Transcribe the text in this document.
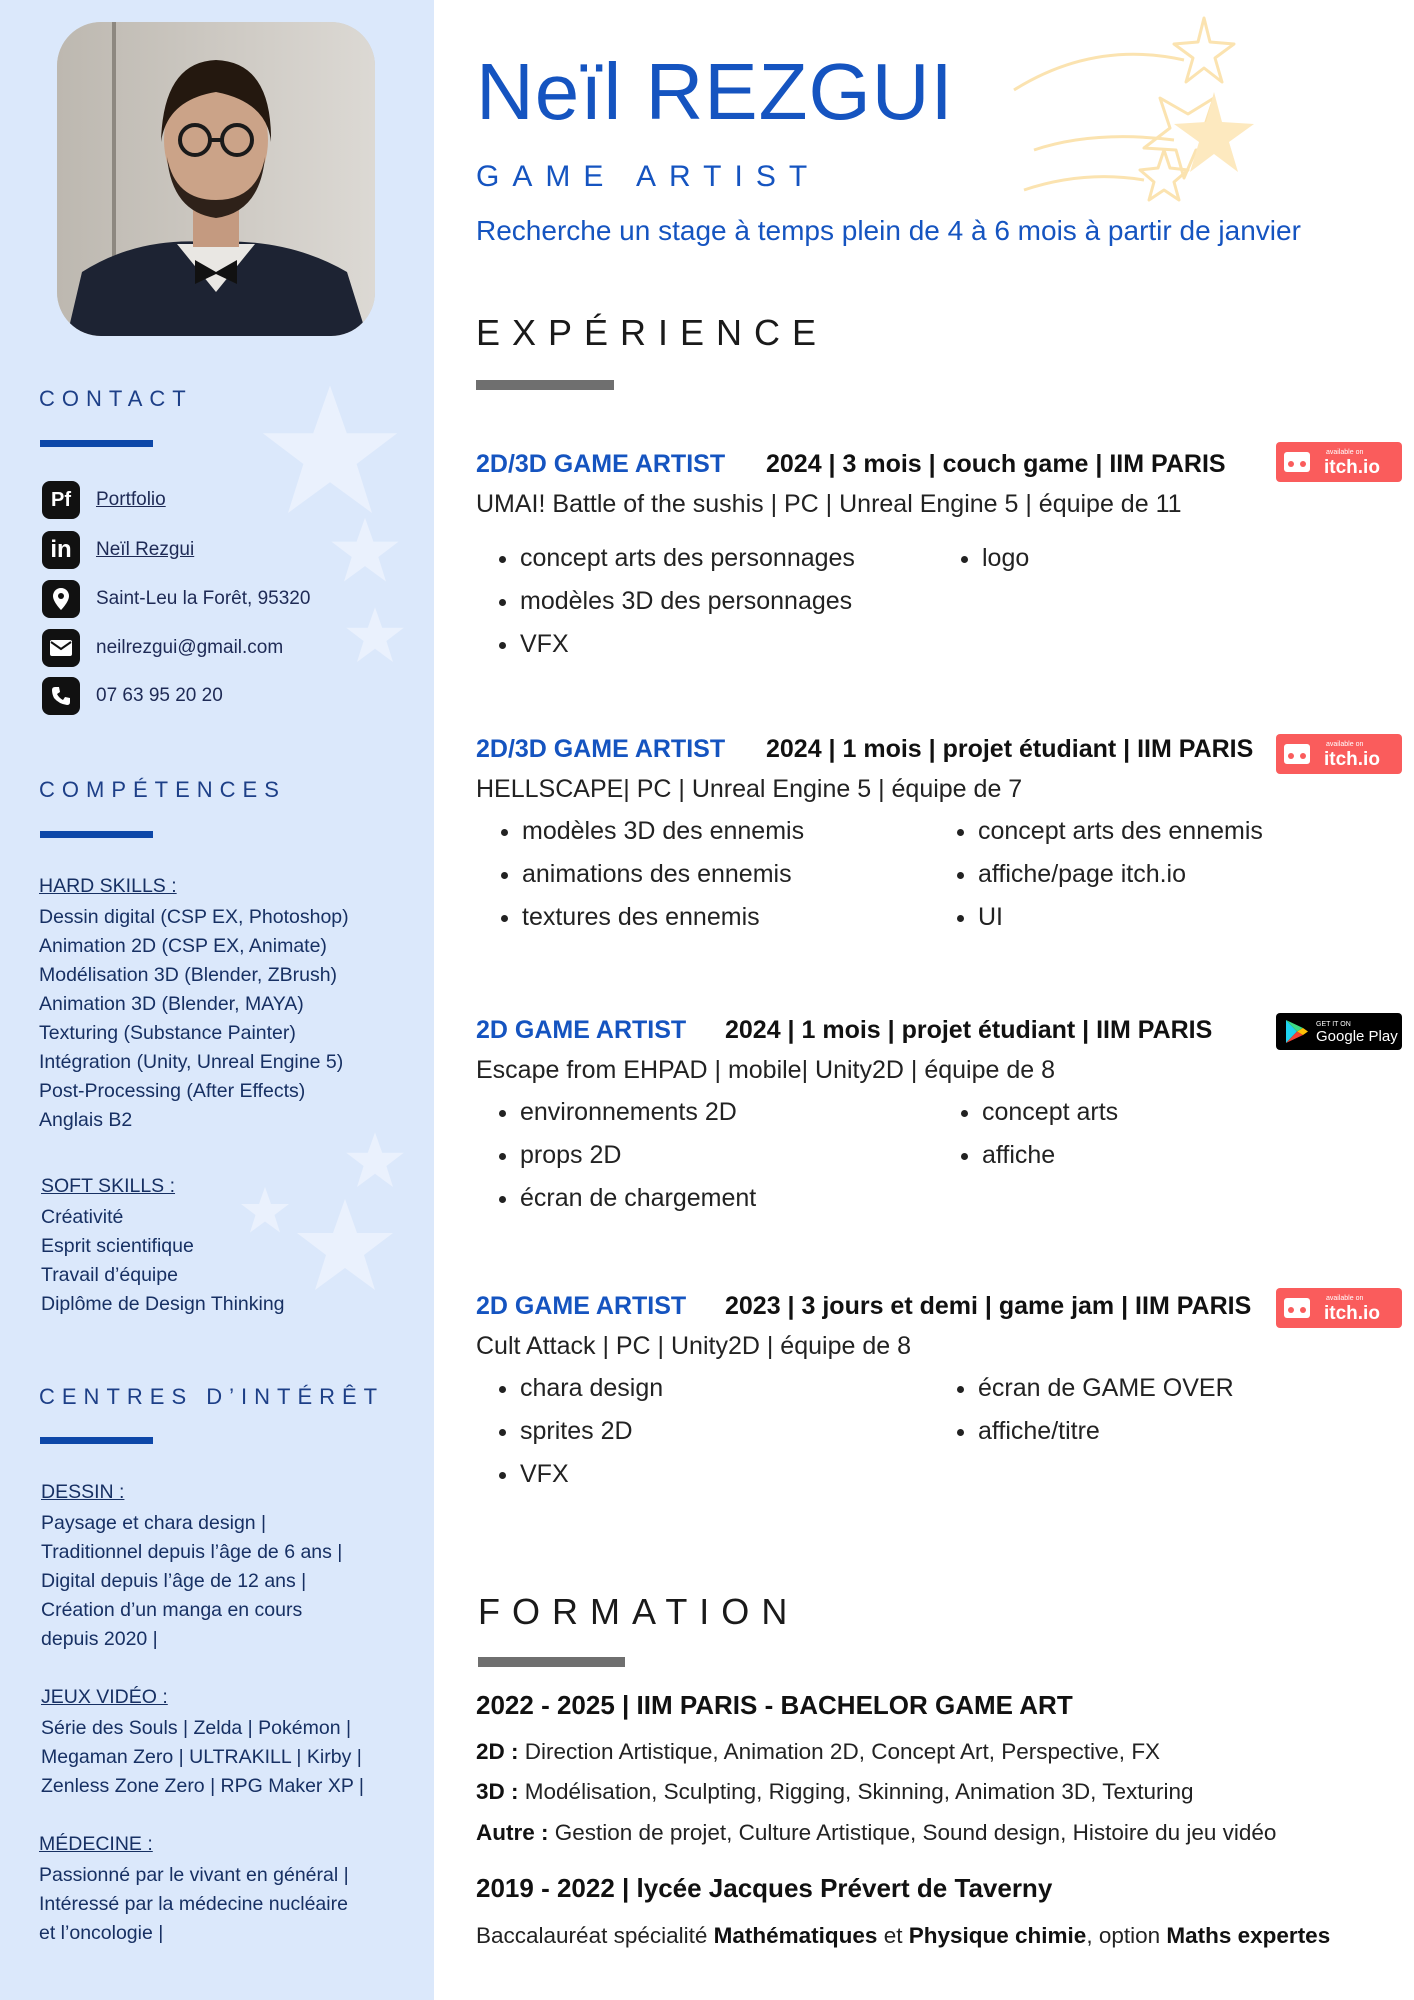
CONTACT
Pf Portfolio
in Neïl Rezgui
Saint-Leu la Forêt, 95320
neilrezgui@gmail.com
07 63 95 20 20
COMPÉTENCES
HARD SKILLS :
Dessin digital (CSP EX, Photoshop)
Animation 2D (CSP EX, Animate)
Modélisation 3D (Blender, ZBrush)
Animation 3D (Blender, MAYA)
Texturing (Substance Painter)
Intégration (Unity, Unreal Engine 5)
Post-Processing (After Effects)
Anglais B2
SOFT SKILLS :
Créativité
Esprit scientifique
Travail d’équipe
Diplôme de Design Thinking
CENTRES D’INTÉRÊT
DESSIN :
Paysage et chara design |
Traditionnel depuis l’âge de 6 ans |
Digital depuis l’âge de 12 ans |
Création d’un manga en cours
depuis 2020 |
JEUX VIDÉO :
Série des Souls | Zelda | Pokémon |
Megaman Zero | ULTRAKILL | Kirby |
Zenless Zone Zero | RPG Maker XP |
MÉDECINE :
Passionné par le vivant en général |
Intéressé par la médecine nucléaire
et l’oncologie |
Neïl REZGUI
GAME ARTIST
Recherche un stage à temps plein de 4 à 6 mois à partir de janvier
EXPÉRIENCE
2D/3D GAME ARTIST 2024 | 3 mois | couch game | IIM PARIS
UMAI! Battle of the sushis | PC | Unreal Engine 5 | équipe de 11
• concept arts des personnages
• modèles 3D des personnages
• VFX
• logo
2D/3D GAME ARTIST 2024 | 1 mois | projet étudiant | IIM PARIS
HELLSCAPE| PC | Unreal Engine 5 | équipe de 7
• modèles 3D des ennemis
• animations des ennemis
• textures des ennemis
• concept arts des ennemis
• affiche/page itch.io
• UI
2D GAME ARTIST 2024 | 1 mois | projet étudiant | IIM PARIS
Escape from EHPAD | mobile| Unity2D | équipe de 8
• environnements 2D
• props 2D
• écran de chargement
• concept arts
• affiche
2D GAME ARTIST 2023 | 3 jours et demi | game jam | IIM PARIS
Cult Attack | PC | Unity2D | équipe de 8
• chara design
• sprites 2D
• VFX
• écran de GAME OVER
• affiche/titre
available on
itch.io
available on
itch.io
GET IT ON
Google Play
available on
itch.io
FORMATION
2022 - 2025 | IIM PARIS - BACHELOR GAME ART
2D : Direction Artistique, Animation 2D, Concept Art, Perspective, FX
3D : Modélisation, Sculpting, Rigging, Skinning, Animation 3D, Texturing
Autre : Gestion de projet, Culture Artistique, Sound design, Histoire du jeu vidéo
2019 - 2022 | lycée Jacques Prévert de Taverny
Baccalauréat spécialité Mathématiques et Physique chimie, option Maths expertes
